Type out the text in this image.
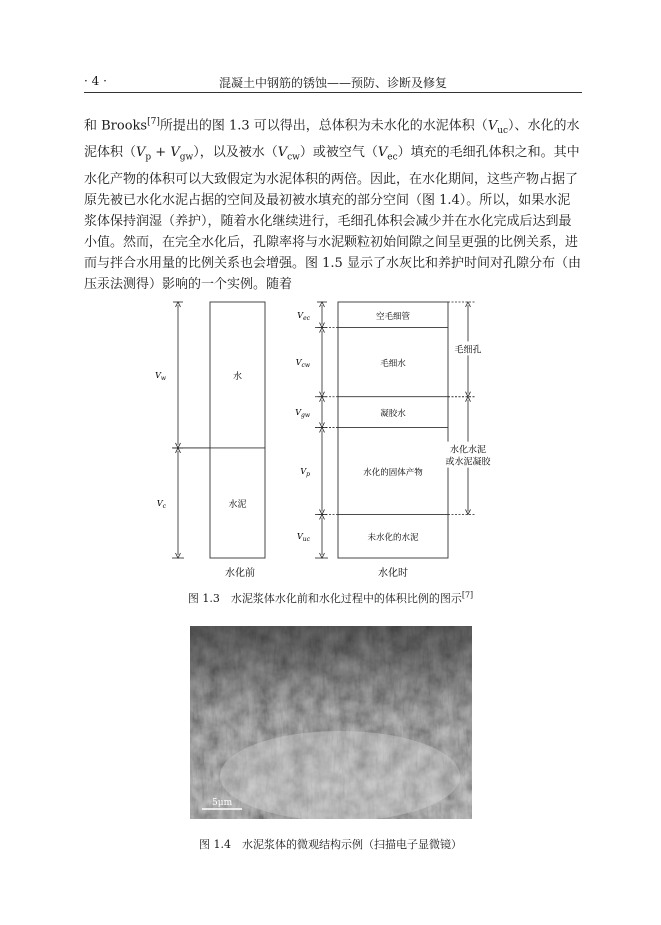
· 4 ·	混凝土中钢筋的锈蚀——预防、诊断及修复

和 Brooks[7]所提出的图 1.3 可以得出，总体积为未水化的水泥体积$(V_{uc})$、水化的水泥体积$(V_p + V_{gw})$，以及被水$(V_{cw})$或被空气$(V_{ec})$填充的毛细孔体积之和。其中水化产物的体积可以大致假定为水泥体积的两倍。因此，在水化期间，这些产物占据了原先被已水化水泥占据的空间及最初被水填充的部分空间（图 1.4）。所以，如果水泥浆体保持润湿（养护），随着水化继续进行，毛细孔体积会减少并在水化完成后达到最小值。然而，在完全水化后，孔隙率将与水泥颗粒初始间隙之间呈更强的比例关系，进而与拌合水用量的比例关系也会增强。图 1.5 显示了水灰比和养护时间对孔隙分布（由压汞法测得）影响的一个实例。随着

水
$V_w$
水泥
$V_c$
空毛细管
$V_{ec}$
毛细水
$V_{cw}$
凝胶水
$V_{gw}$
水化的固体产物
$V_p$
未水化的水泥
$V_{uc}$
毛细孔
水化水泥
或水泥凝胶
水化前	水化时
图 1.3　水泥浆体水化前和水化过程中的体积比例的图示[7]
5μm
图 1.4　水泥浆体的微观结构示例（扫描电子显微镜）
